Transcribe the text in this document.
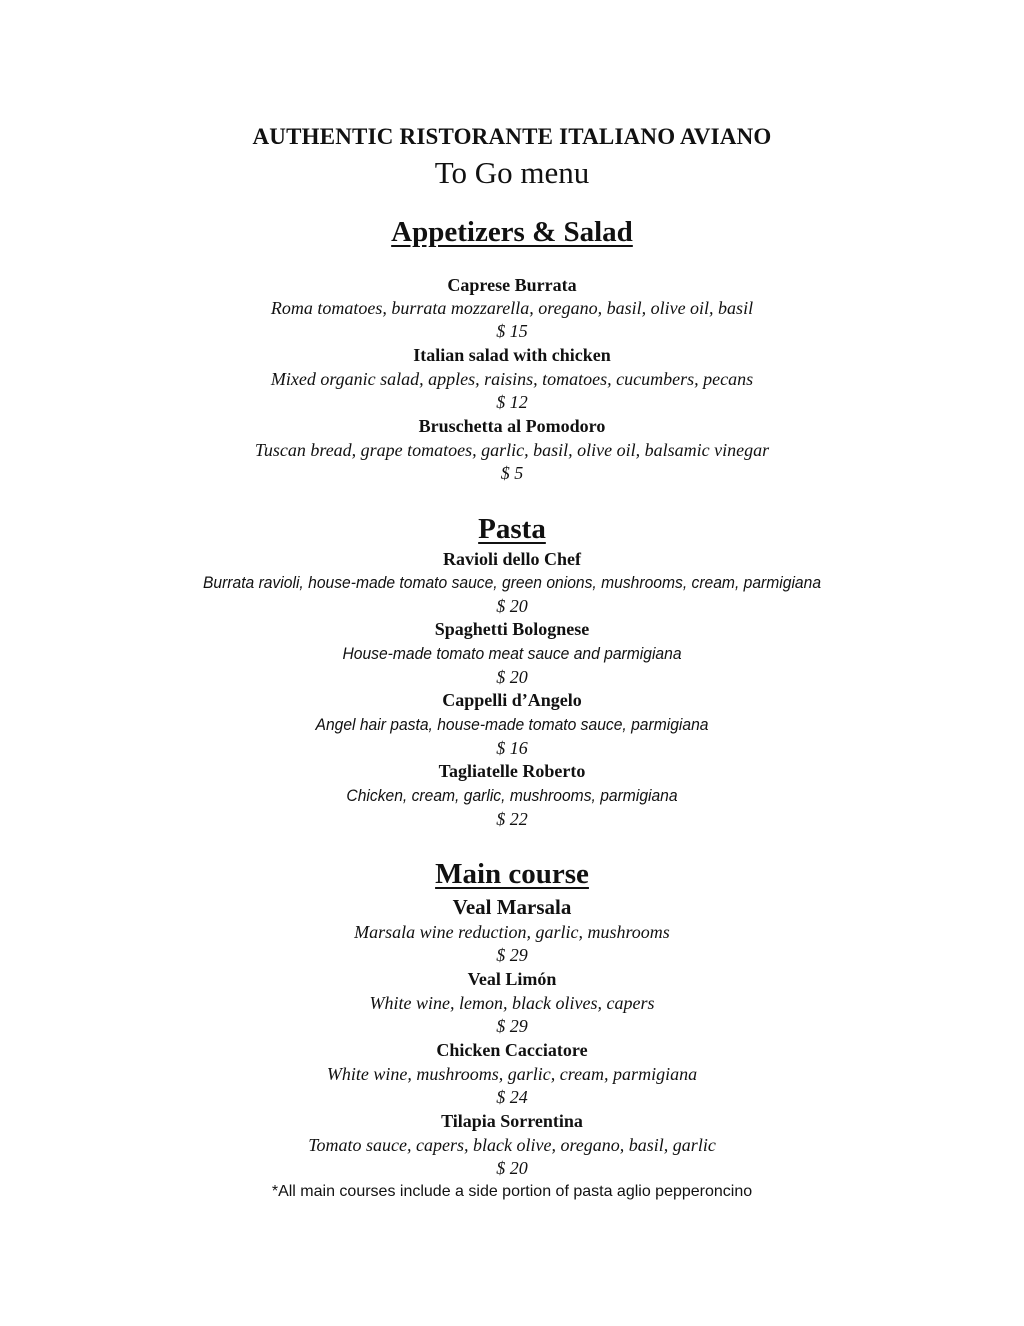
AUTHENTIC RISTORANTE ITALIANO AVIANO
To Go menu
Appetizers & Salad
Caprese Burrata
Roma tomatoes, burrata mozzarella, oregano, basil, olive oil, basil
$ 15
Italian salad with chicken
Mixed organic salad, apples, raisins, tomatoes, cucumbers, pecans
$ 12
Bruschetta al Pomodoro
Tuscan bread, grape tomatoes, garlic, basil, olive oil, balsamic vinegar
$ 5
Pasta
Ravioli dello Chef
Burrata ravioli, house-made tomato sauce, green onions, mushrooms, cream, parmigiana
$ 20
Spaghetti Bolognese
House-made tomato meat sauce and parmigiana
$ 20
Cappelli d’Angelo
Angel hair pasta, house-made tomato sauce, parmigiana
$ 16
Tagliatelle Roberto
Chicken, cream, garlic, mushrooms, parmigiana
$ 22
Main course
Veal Marsala
Marsala wine reduction, garlic, mushrooms
$ 29
Veal Limón
White wine, lemon, black olives, capers
$ 29
Chicken Cacciatore
White wine, mushrooms, garlic, cream, parmigiana
$ 24
Tilapia Sorrentina
Tomato sauce, capers, black olive, oregano, basil, garlic
$ 20
*All main courses include a side portion of pasta aglio pepperoncino
